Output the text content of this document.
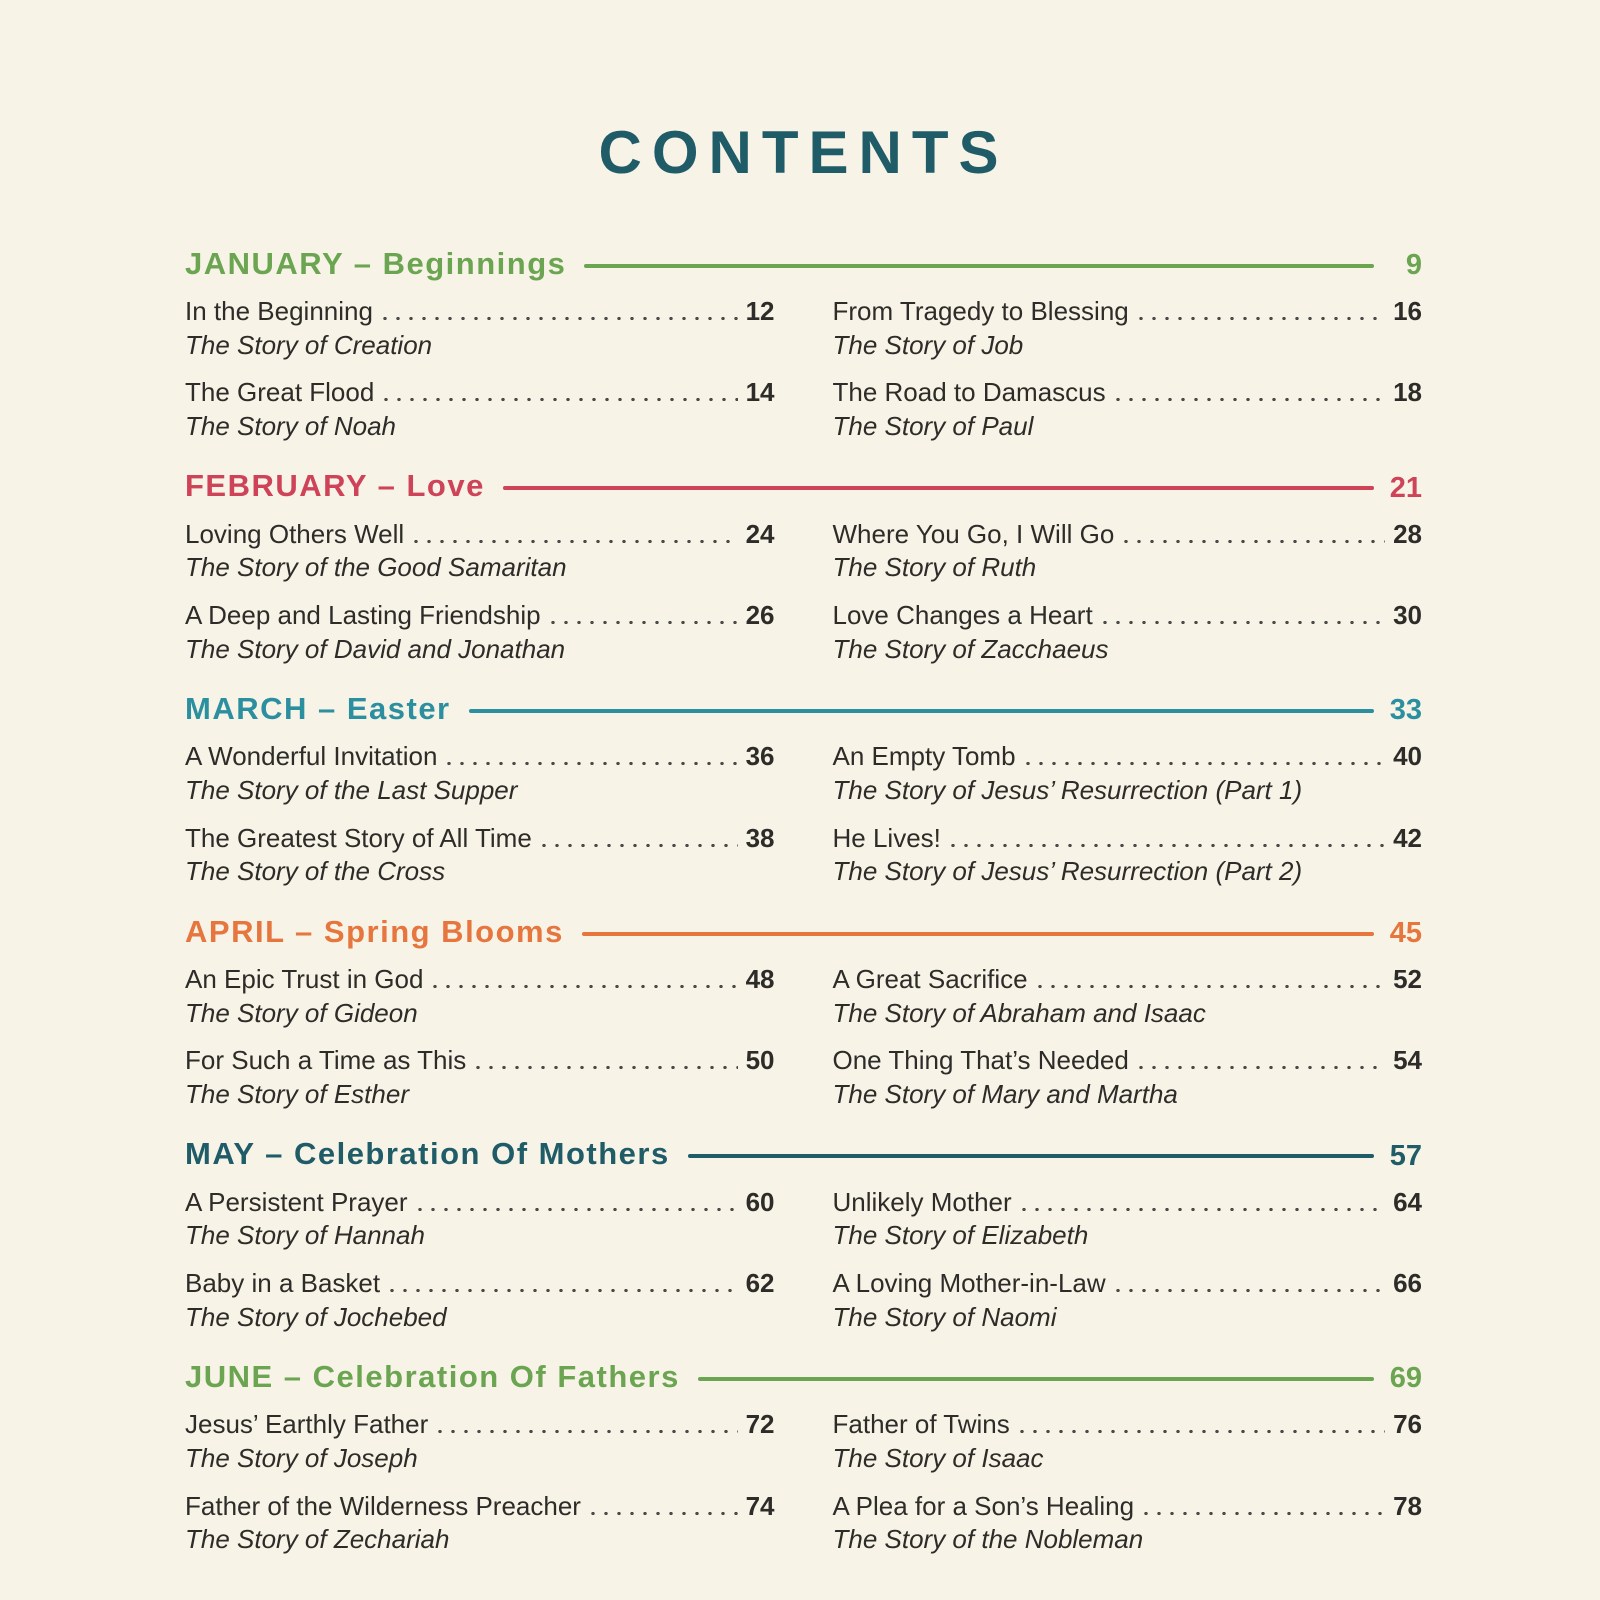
CONTENTS
JANUARY – Beginnings	9
In the Beginning	12
The Story of Creation
From Tragedy to Blessing	16
The Story of Job
The Great Flood	14
The Story of Noah
The Road to Damascus	18
The Story of Paul
FEBRUARY – Love	21
Loving Others Well	24
The Story of the Good Samaritan
Where You Go, I Will Go	28
The Story of Ruth
A Deep and Lasting Friendship	26
The Story of David and Jonathan
Love Changes a Heart	30
The Story of Zacchaeus
MARCH – Easter	33
A Wonderful Invitation	36
The Story of the Last Supper
An Empty Tomb	40
The Story of Jesus’ Resurrection (Part 1)
The Greatest Story of All Time	38
The Story of the Cross
He Lives!	42
The Story of Jesus’ Resurrection (Part 2)
APRIL – Spring Blooms	45
An Epic Trust in God	48
The Story of Gideon
A Great Sacrifice	52
The Story of Abraham and Isaac
For Such a Time as This	50
The Story of Esther
One Thing That’s Needed	54
The Story of Mary and Martha
MAY – Celebration Of Mothers	57
A Persistent Prayer	60
The Story of Hannah
Unlikely Mother	64
The Story of Elizabeth
Baby in a Basket	62
The Story of Jochebed
A Loving Mother-in-Law	66
The Story of Naomi
JUNE – Celebration Of Fathers	69
Jesus’ Earthly Father	72
The Story of Joseph
Father of Twins	76
The Story of Isaac
Father of the Wilderness Preacher	74
The Story of Zechariah
A Plea for a Son’s Healing	78
The Story of the Nobleman
